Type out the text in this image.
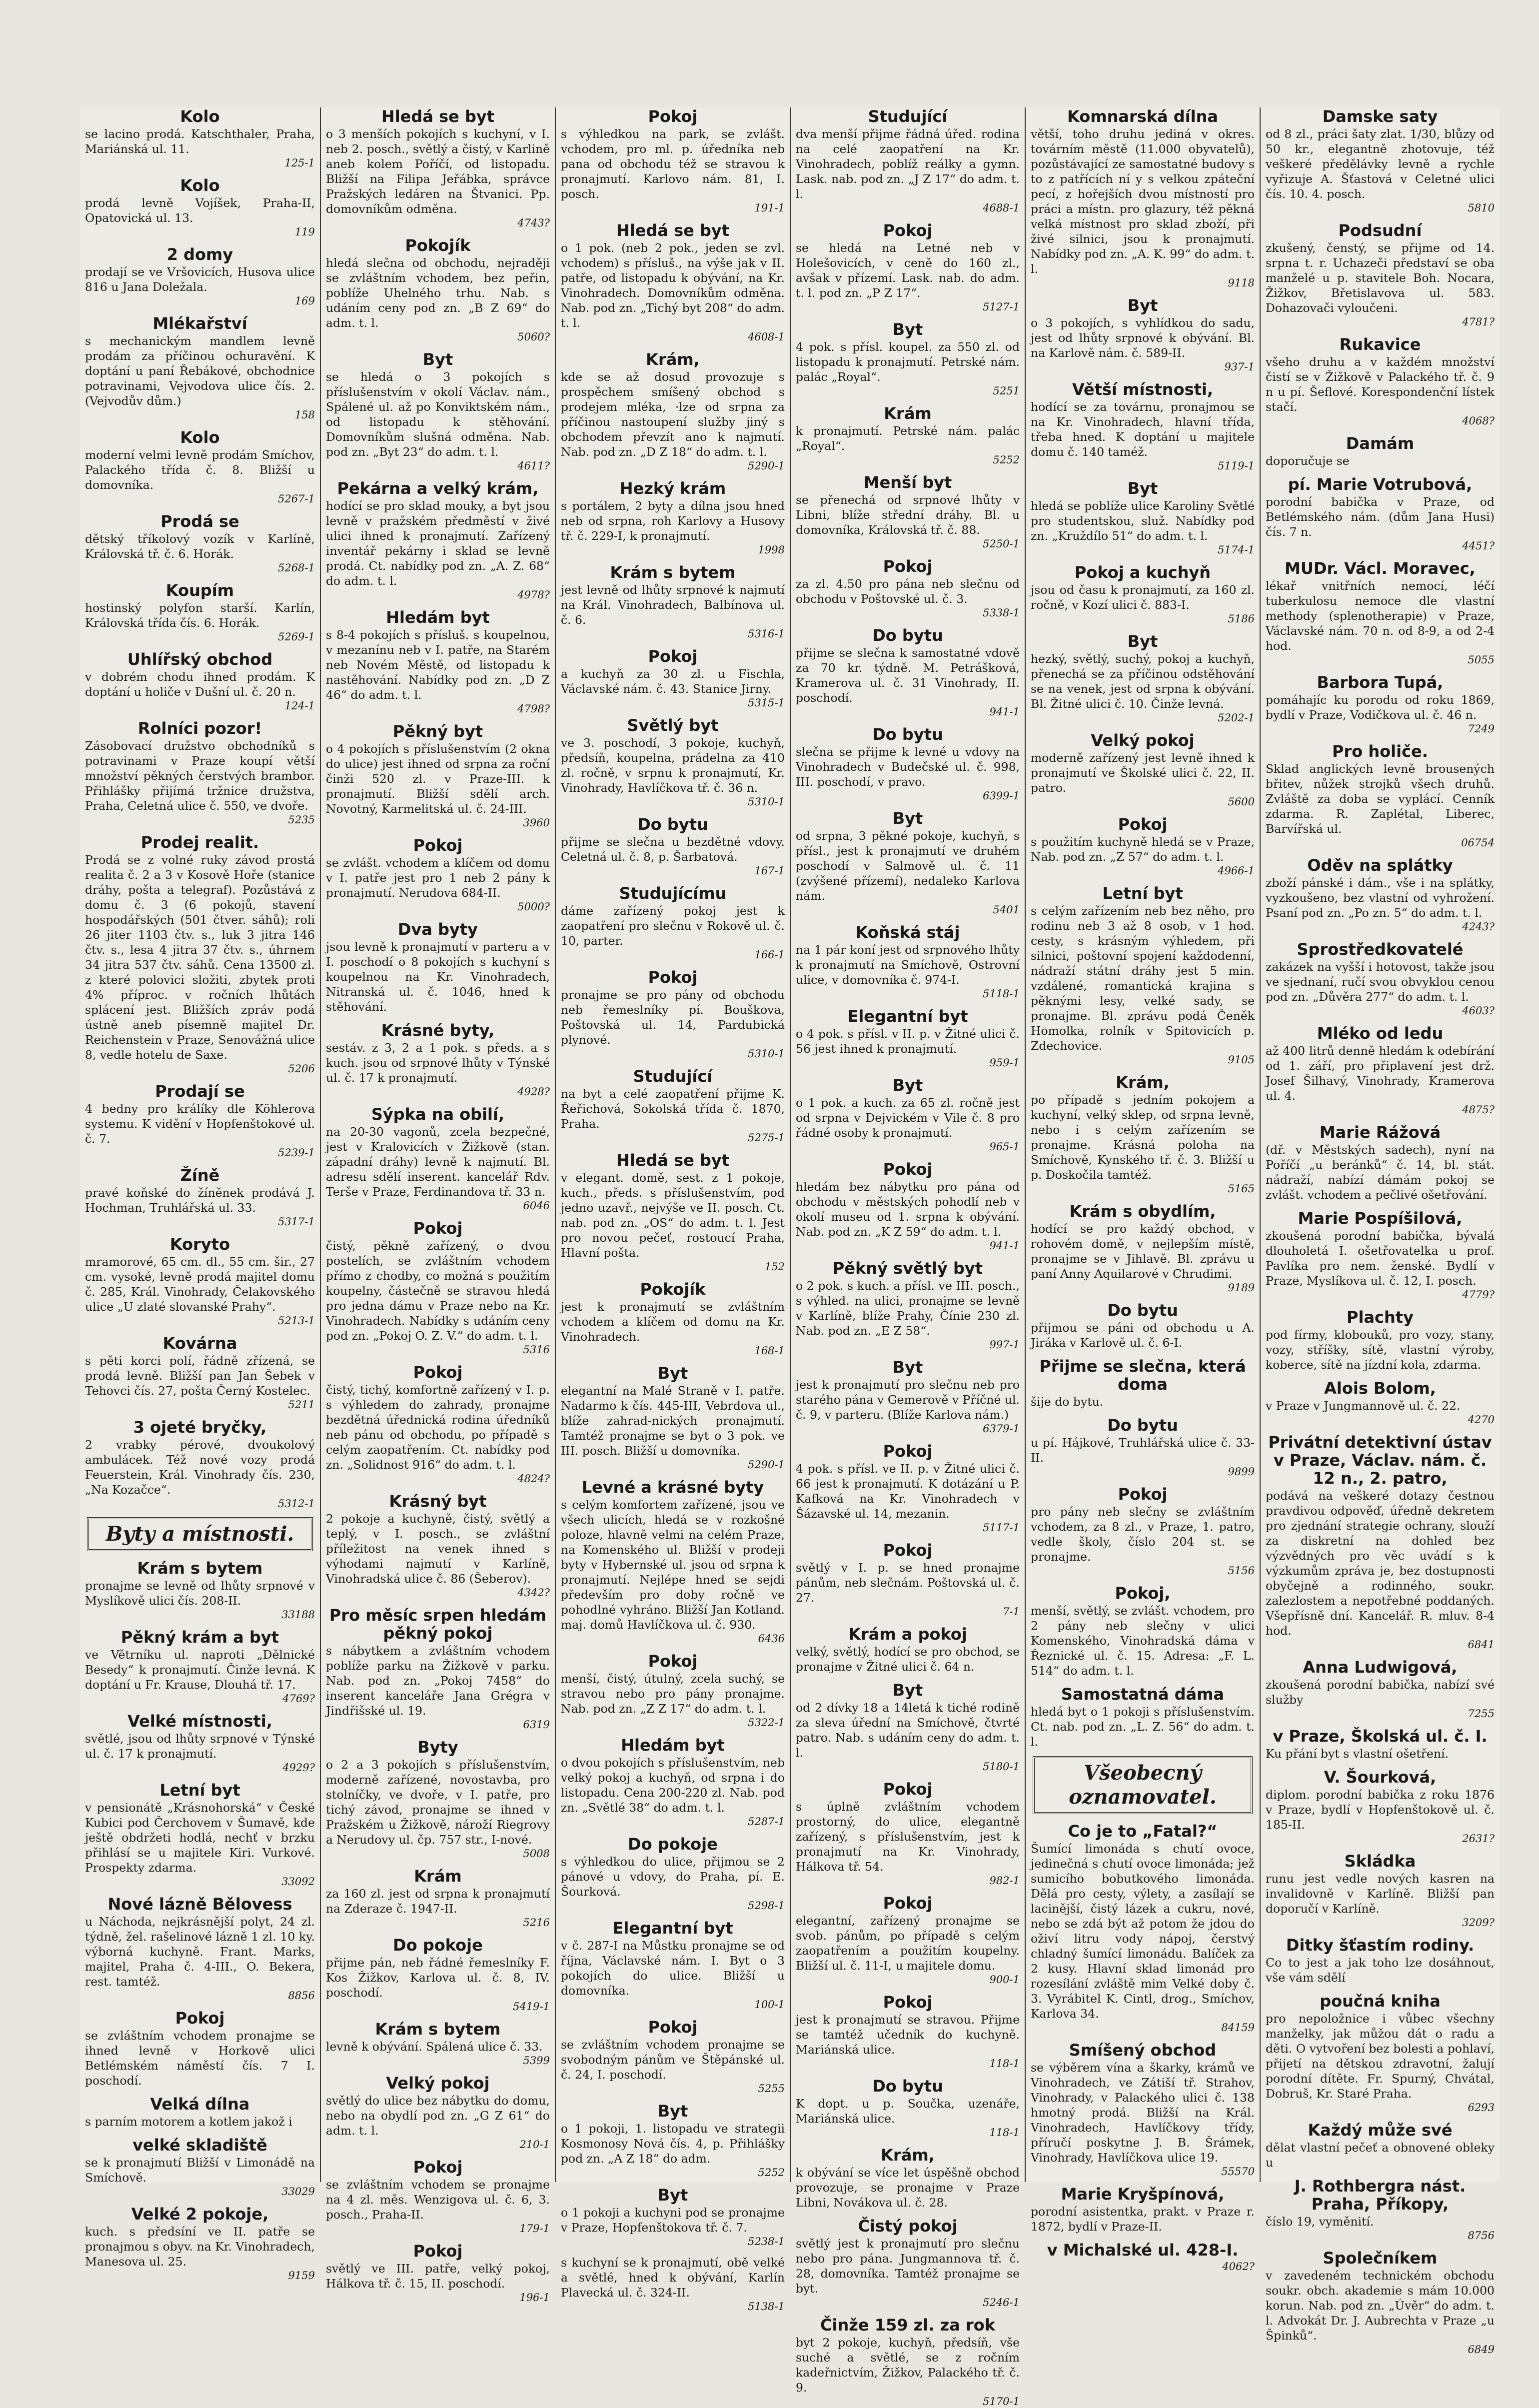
Kolo
se lacino prodá. Katschthaler, Praha, Mariánská ul. 11.
125-1
Kolo
prodá levně Vojíšek, Praha-II, Opatovická ul. 13.
119
2 domy
prodají se ve Vršovicích, Husova ulice 816 u Jana Doležala.
169
Mlékařství
s mechanickým mandlem levně prodám za příčinou ochuravění. K doptání u paní Řebákové, obchodnice potravinami, Vejvodova ulice čís. 2. (Vejvodův dům.)
158
Kolo
moderní velmi levně prodám Smíchov, Palackého třída č. 8. Bližší u domovníka.
5267-1
Prodá se
dětský tříkolový vozík v Karlíně, Královská tř. č. 6. Horák.
5268-1
Koupím
hostinský polyfon starší. Karlín, Královská třída čís. 6. Horák.
5269-1
Uhlířský obchod
v dobrém chodu ihned prodám. K doptání u holiče v Dušní ul. č. 20 n.
124-1
Rolníci pozor!
Zásobovací družstvo obchodníků s potravinami v Praze koupí větší množství pěkných čerstvých brambor. Přihlášky přijímá tržnice družstva, Praha, Celetná ulice č. 550, ve dvoře.
5235
Prodej realit.
Prodá se z volné ruky závod prostá realita č. 2 a 3 v Kosově Hoře (stanice dráhy, pošta a telegraf). Pozůstává z domu č. 3 (6 pokojů, stavení hospodářských (501 čtver. sáhů); roli 26 jiter 1103 čtv. s., luk 3 jitra 146 čtv. s., lesa 4 jitra 37 čtv. s., úhrnem 34 jitra 537 čtv. sáhů. Cena 13500 zl. z které polovici složiti, zbytek proti 4% příproc. v ročních lhůtách splácení jest. Bližších zpráv podá ústně aneb písemně majitel Dr. Reichenstein v Praze, Senovážná ulice 8, vedle hotelu de Saxe.
5206
Prodají se
4 bedny pro králíky dle Köhlerova systemu. K vidění v Hopfenštokové ul. č. 7.
5239-1
Žíně
pravé koňské do žíněnek prodává J. Hochman, Truhlářská ul. 33.
5317-1
Koryto
mramorové, 65 cm. dl., 55 cm. šir., 27 cm. vysoké, levně prodá majitel domu č. 285, Král. Vinohrady, Čelakovského ulice „U zlaté slovanské Prahy“.
5213-1
Kovárna
s pěti korci polí, řádně zřízená, se prodá levně. Bližší pan Jan Šebek v Tehovci čís. 27, pošta Černý Kostelec.
5211
3 ojeté bryčky,
2 vrabky pérové, dvoukolový ambulácek. Též nové vozy prodá Feuerstein, Král. Vinohrady čís. 230, „Na Kozačce“.
5312-1
Byty a místnosti.
Krám s bytem
pronajme se levně od lhůty srpnové v Myslíkově ulici čís. 208-II.
33188
Pěkný krám a byt
ve Větrníku ul. naproti „Dělnické Besedy“ k pronajmutí. Činže levná. K doptání u Fr. Krause, Dlouhá tř. 17.
4769?
Velké místnosti,
světlé, jsou od lhůty srpnové v Týnské ul. č. 17 k pronajmutí.
4929?
Letní byt
v pensionátě „Krásnohorská“ v České Kubici pod Čerchovem v Šumavě, kde ještě obdržeti hodlá, nechť v brzku přihlásí se u majitele Kiri. Vurkové. Prospekty zdarma.
33092
Nové lázně Bělovess
u Náchoda, nejkrásnější polyt, 24 zl. týdně, žel. rašelinové lázně 1 zl. 10 ky. výborná kuchyně. Frant. Marks, majitel, Praha č. 4-III., O. Bekera, rest. tamtéž.
8856
Pokoj
se zvláštním vchodem pronajme se ihned levně v Horkově ulici Betlémském náměstí čís. 7 I. poschodí.
Velká dílna
s parním motorem a kotlem jakož i
velké skladiště
se k pronajmutí Bližší v Limonádě na Smíchově.
33029
Velké 2 pokoje,
kuch. s předsíní ve II. patře se pronajmou s obyv. na Kr. Vinohradech, Manesova ul. 25.
9159
Hledá se byt
o 3 menších pokojích s kuchyní, v I. neb 2. posch., světlý a čistý, v Karlině aneb kolem Poříčí, od listopadu. Bližší na Filipa Jeřábka, správce Pražských ledáren na Štvanici. Pp. domovníkům odměna.
4743?
Pokojík
hledá slečna od obchodu, nejraději se zvláštním vchodem, bez peřin, poblíže Uhelného trhu. Nab. s udáním ceny pod zn. „B Z 69“ do adm. t. l.
5060?
Byt
se hledá o 3 pokojích s příslušenstvím v okolí Václav. nám., Spálené ul. až po Konviktském nám., od listopadu k stěhování. Domovníkům slušná odměna. Nab. pod zn. „Byt 23“ do adm. t. l.
4611?
Pekárna a velký krám,
hodící se pro sklad mouky, a byt jsou levně v pražském předměstí v živé ulici ihned k pronajmutí. Zařízený inventář pekárny i sklad se levně prodá. Ct. nabídky pod zn. „A. Z. 68“ do adm. t. l.
4978?
Hledám byt
s 8-4 pokojích s přísluš. s koupelnou, v mezanínu neb v I. patře, na Starém neb Novém Městě, od listopadu k nastěhování. Nabídky pod zn. „D Z 46“ do adm. t. l.
4798?
Pěkný byt
o 4 pokojích s příslušenstvím (2 okna do ulice) jest ihned od srpna za roční činži 520 zl. v Praze-III. k pronajmutí. Bližší sdělí arch. Novotný, Karmelitská ul. č. 24-III.
3960
Pokoj
se zvlášt. vchodem a klíčem od domu v I. patře jest pro 1 neb 2 pány k pronajmutí. Nerudova 684-II.
5000?
Dva byty
jsou levně k pronajmutí v parteru a v I. poschodí o 8 pokojích s kuchyní s koupelnou na Kr. Vinohradech, Nitranská ul. č. 1046, hned k stěhování.
Krásné byty,
sestáv. z 3, 2 a 1 pok. s předs. a s kuch. jsou od srpnové lhůty v Týnské ul. č. 17 k pronajmutí.
4928?
Sýpka na obilí,
na 20-30 vagonů, zcela bezpečné, jest v Kralovicích v Žižkově (stan. západní dráhy) levně k najmutí. Bl. adresu sdělí inserent. kancelář Rdv. Terše v Praze, Ferdinandova tř. 33 n.
6046
Pokoj
čistý, pěkně zařízený, o dvou postelích, se zvláštním vchodem přímo z chodby, co možná s použitím koupelny, částečně se stravou hledá pro jedna dámu v Praze nebo na Kr. Vinohradech. Nabídky s udáním ceny pod zn. „Pokoj O. Z. V.“ do adm. t. l.
5316
Pokoj
čistý, tichý, komfortně zařízený v I. p. s výhledem do zahrady, pronajme bezdětná úřednická rodina úředníků neb pánu od obchodu, po případě s celým zaopatřením. Ct. nabídky pod zn. „Solidnost 916“ do adm. t. l.
4824?
Krásný byt
2 pokoje a kuchyně, čistý, světlý a teplý, v I. posch., se zvláštní příležitost na venek ihned s výhodami najmutí v Karlíně, Vinohradská ulice č. 86 (Šeberov).
4342?
Pro měsíc srpen hledám pěkný pokoj
s nábytkem a zvláštním vchodem poblíže parku na Žižkově v parku. Nab. pod zn. „Pokoj 7458“ do inserent kanceláře Jana Grégra v Jindřišské ul. 19.
6319
Byty
o 2 a 3 pokojích s příslušenstvím, moderně zařízené, novostavba, pro stolníčky, ve dvoře, v I. patře, pro tichý závod, pronajme se ihned v Pražském u Žižkově, nároží Riegrovy a Nerudovy ul. čp. 757 str., I-nové.
5008
Krám
za 160 zl. jest od srpna k pronajmutí na Zderaze č. 1947-II.
5216
Do pokoje
přijme pán, neb řádné řemeslníky F. Kos Žižkov, Karlova ul. č. 8, IV. poschodí.
5419-1
Krám s bytem
levně k obývání. Spálená ulice č. 33.
5399
Velký pokoj
světlý do ulice bez nábytku do domu, nebo na obydlí pod zn. „G Z 61“ do adm. t. l.
210-1
Pokoj
se zvláštním vchodem se pronajme na 4 zl. měs. Wenzigova ul. č. 6, 3. posch., Praha-II.
179-1
Pokoj
světlý ve III. patře, velký pokoj, Hálkova tř. č. 15, II. poschodí.
196-1
Pokoj
s výhledkou na park, se zvlášt. vchodem, pro ml. p. úředníka neb pana od obchodu též se stravou k pronajmutí. Karlovo nám. 81, I. posch.
191-1
Hledá se byt
o 1 pok. (neb 2 pok., jeden se zvl. vchodem) s přísluš., na výše jak v II. patře, od listopadu k obývání, na Kr. Vinohradech. Domovníkům odměna. Nab. pod zn. „Tichý byt 208“ do adm. t. l.
4608-1
Krám,
kde se až dosud provozuje s prospěchem smíšený obchod s prodejem mléka, ·lze od srpna za příčinou nastoupení služby jiný s obchodem převzít ano k najmutí. Nab. pod zn. „D Z 18“ do adm. t. l.
5290-1
Hezký krám
s portálem, 2 byty a dílna jsou hned neb od srpna, roh Karlovy a Husovy tř. č. 229-I, k pronajmutí.
1998
Krám s bytem
jest levně od lhůty srpnové k najmutí na Král. Vinohradech, Balbínova ul. č. 6.
5316-1
Pokoj
a kuchyň za 30 zl. u Fischla, Václavské nám. č. 43. Stanice Jirny.
5315-1
Světlý byt
ve 3. poschodí, 3 pokoje, kuchyň, předsíň, koupelna, prádelna za 410 zl. ročně, v srpnu k pronajmutí, Kr. Vinohrady, Havlíčkova tř. č. 36 n.
5310-1
Do bytu
přijme se slečna u bezdětné vdovy. Celetná ul. č. 8, p. Šarbatová.
167-1
Studujícímu
dáme zařízený pokoj jest k zaopatření pro slečnu v Rokově ul. č. 10, parter.
166-1
Pokoj
pronajme se pro pány od obchodu neb řemeslníky pí. Bouškova, Poštovská ul. 14, Pardubická plynové.
5310-1
Studující
na byt a celé zaopatření přijme K. Řeřichová, Sokolská třída č. 1870, Praha.
5275-1
Hledá se byt
v elegant. domě, sest. z 1 pokoje, kuch., předs. s příslušenstvím, pod jedno uzavř., nejvýše ve II. posch. Ct. nab. pod zn. „OS“ do adm. t. l. Jest pro novou pečeť, rostoucí Praha, Hlavní pošta.
152
Pokojík
jest k pronajmutí se zvláštním vchodem a klíčem od domu na Kr. Vinohradech.
168-1
Byt
elegantní na Malé Straně v I. patře. Nadarmo k čís. 445-III, Vebrdova ul., blíže zahrad-nických pronajmutí. Tamtéž pronajme se byt o 3 pok. ve III. posch. Bližší u domovníka.
5290-1
Levné a krásné byty
s celým komfortem zařízené, jsou ve všech ulicích, hledá se v rozkošné poloze, hlavně velmi na celém Praze, na Komenského ul. Bližší v prodeji byty v Hybernské ul. jsou od srpna k pronajmutí. Nejlépe hned se sejdi především pro doby ročně ve pohodlné vyhráno. Bližší Jan Kotland. maj. domů Havlíčkova ul. č. 930.
6436
Pokoj
menší, čistý, útulný, zcela suchý, se stravou nebo pro pány pronajme. Nab. pod zn. „Z Z 17“ do adm. t. l.
5322-1
Hledám byt
o dvou pokojích s příslušenstvím, neb velký pokoj a kuchyň, od srpna i do listopadu. Cena 200-220 zl. Nab. pod zn. „Světlé 38“ do adm. t. l.
5287-1
Do pokoje
s výhledkou do ulice, přijmou se 2 pánové u vdovy, do Praha, pí. E. Šourková.
5298-1
Elegantní byt
v č. 287-I na Můstku pronajme se od října, Václavské nám. I. Byt o 3 pokojích do ulice. Bližší u domovníka.
100-1
Pokoj
se zvláštním vchodem pronajme se svobodným pánům ve Štěpánské ul. č. 24, I. poschodí.
5255
Byt
o 1 pokoji, 1. listopadu ve strategii Kosmonosy Nová čís. 4, p. Přihlášky pod zn. „A Z 18“ do adm.
5252
Byt
o 1 pokoji a kuchyni pod se pronajme v Praze, Hopfenštokova tř. č. 7.
5238-1
s kuchyní se k pronajmutí, obě velké a světlé, hned k obývání, Karlín Plavecká ul. č. 324-II.
5138-1
Studující
dva menší přijme řádná úřed. rodina na celé zaopatření na Kr. Vinohradech, poblíž reálky a gymn. Lask. nab. pod zn. „J Z 17“ do adm. t. l.
4688-1
Pokoj
se hledá na Letné neb v Holešovicích, v ceně do 160 zl., avšak v přízemí. Lask. nab. do adm. t. l. pod zn. „P Z 17“.
5127-1
Byt
4 pok. s přísl. koupel. za 550 zl. od listopadu k pronajmutí. Petrské nám. palác „Royal“.
5251
Krám
k pronajmutí. Petrské nám. palác „Royal“.
5252
Menší byt
se přenechá od srpnové lhůty v Libni, blíže střední dráhy. Bl. u domovníka, Královská tř. č. 88.
5250-1
Pokoj
za zl. 4.50 pro pána neb slečnu od obchodu v Poštovské ul. č. 3.
5338-1
Do bytu
přijme se slečna k samostatné vdově za 70 kr. týdně. M. Petrášková, Kramerova ul. č. 31 Vinohrady, II. poschodí.
941-1
Do bytu
slečna se přijme k levné u vdovy na Vinohradech v Budečské ul. č. 998, III. poschodí, v pravo.
6399-1
Byt
od srpna, 3 pěkné pokoje, kuchyň, s přísl., jest k pronajmutí ve druhém poschodí v Salmově ul. č. 11 (zvýšené přízemí), nedaleko Karlova nám.
5401
Koňská stáj
na 1 pár koní jest od srpnového lhůty k pronajmutí na Smíchově, Ostrovní ulice, v domovníka č. 974-I.
5118-1
Elegantní byt
o 4 pok. s přísl. v II. p. v Žitné ulici č. 56 jest ihned k pronajmutí.
959-1
Byt
o 1 pok. a kuch. za 65 zl. ročně jest od srpna v Dejvickém v Vile č. 8 pro řádné osoby k pronajmutí.
965-1
Pokoj
hledám bez nábytku pro pána od obchodu v městských pohodlí neb v okolí museu od 1. srpna k obývání. Nab. pod zn. „K Z 59“ do adm. t. l.
941-1
Pěkný světlý byt
o 2 pok. s kuch. a přísl. ve III. posch., s výhled. na ulici, pronajme se levně v Karlíně, blíže Prahy, Čínie 230 zl. Nab. pod zn. „E Z 58“.
997-1
Byt
jest k pronajmutí pro slečnu neb pro starého pána v Gemerově v Příčné ul. č. 9, v parteru. (Blíže Karlova nám.)
6379-1
Pokoj
4 pok. s přísl. ve II. p. v Žitné ulici č. 66 jest k pronajmutí. K dotázání u P. Kafková na Kr. Vinohradech v Šázavské ul. 14, mezanin.
5117-1
Pokoj
světlý v I. p. se hned pronajme pánům, neb slečnám. Poštovská ul. č. 27.
7-1
Krám a pokoj
velký, světlý, hodící se pro obchod, se pronajme v Žitné ulici č. 64 n.
Byt
od 2 dívky 18 a 14letá k tiché rodině za sleva úřední na Smíchově, čtvrté patro. Nab. s udáním ceny do adm. t. l.
5180-1
Pokoj
s úplně zvláštním vchodem prostorný, do ulice, elegantně zařízený, s příslušenstvím, jest k pronajmutí na Kr. Vinohrady, Hálkova tř. 54.
982-1
Pokoj
elegantní, zařízený pronajme se svob. pánům, po případě s celým zaopatřením a použitím koupelny. Bližší ul. č. 11-I, u majitele domu.
900-1
Pokoj
jest k pronajmutí se stravou. Přijme se tamtéž učedník do kuchyně. Mariánská ulice.
118-1
Do bytu
K dopt. u p. Součka, uzenáře, Mariánská ulice.
118-1
Krám,
k obývání se více let úspěšně obchod provozuje, se pronajme v Praze Libni, Novákova ul. č. 28.
Čistý pokoj
světlý jest k pronajmutí pro slečnu nebo pro pána. Jungmannova tř. č. 28, domovníka. Tamtéž pronajme se byt.
5246-1
Činže 159 zl. za rok
byt 2 pokoje, kuchyň, předsíň, vše suché a světlé, se z ročním kadeřnictvím, Žižkov, Palackého tř. č. 9.
5170-1
Komnarská dílna
větší, toho druhu jediná v okres. továrním městě (11.000 obyvatelů), pozůstávající ze samostatné budovy s to z patřících ní y s velkou zpáteční pecí, z hořejších dvou místností pro práci a místn. pro glazury, též pěkná velká místnost pro sklad zboží, při živé silnici, jsou k pronajmutí. Nabídky pod zn. „A. K. 99“ do adm. t. l.
9118
Byt
o 3 pokojích, s vyhlídkou do sadu, jest od lhůty srpnové k obývání. Bl. na Karlově nám. č. 589-II.
937-1
Větší místnosti,
hodící se za továrnu, pronajmou se na Kr. Vinohradech, hlavní třída, třeba hned. K doptání u majitele domu č. 140 taméž.
5119-1
Byt
hledá se poblíže ulice Karoliny Světlé pro studentskou, služ. Nabídky pod zn. „Kruždílo 51“ do adm. t. l.
5174-1
Pokoj a kuchyň
jsou od času k pronajmutí, za 160 zl. ročně, v Kozí ulici č. 883-I.
5186
Byt
hezký, světlý, suchý, pokoj a kuchyň, přenechá se za příčinou odstěhování se na venek, jest od srpna k obývání. Bl. Žitné ulici č. 10. Činže levná.
5202-1
Velký pokoj
moderně zařízený jest levně ihned k pronajmutí ve Školské ulici č. 22, II. patro.
5600
Pokoj
s použitím kuchyně hledá se v Praze, Nab. pod zn. „Z 57“ do adm. t. l.
4966-1
Letní byt
s celým zařízením neb bez něho, pro rodinu neb 3 až 8 osob, v 1 hod. cesty, s krásným výhledem, při silnici, poštovní spojení každodenní, nádraží státní dráhy jest 5 min. vzdálené, romantická krajina s pěknými lesy, velké sady, se pronajme. Bl. zprávu podá Čeněk Homolka, rolník v Spitovicích p. Zdechovice.
9105
Krám,
po případě s jedním pokojem a kuchyní, velký sklep, od srpna levně, nebo i s celým zařízením se pronajme. Krásná poloha na Smíchově, Kynského tř. č. 3. Bližší u p. Doskočila tamtéž.
5165
Krám s obydlím,
hodící se pro každý obchod, v rohovém domě, v nejlepším místě, pronajme se v Jihlavě. Bl. zprávu u paní Anny Aquilarové v Chrudimi.
9189
Do bytu
přijmou se páni od obchodu u A. Jiráka v Karlově ul. č. 6-I.
Přijme se slečna, která doma
šije do bytu.
Do bytu
u pí. Hájkové, Truhlářská ulice č. 33-II.
9899
Pokoj
pro pány neb slečny se zvláštním vchodem, za 8 zl., v Praze, 1. patro, vedle školy, číslo 204 st. se pronajme.
5156
Pokoj,
menší, světlý, se zvlášt. vchodem, pro 2 pány neb slečny v ulici Komenského, Vinohradská dáma v Řeznické ul. č. 15. Adresa: „F. L. 514“ do adm. t. l.
Samostatná dáma
hledá byt o 1 pokoji s příslušenstvím. Ct. nab. pod zn. „L. Z. 56“ do adm. t. l.
Všeobecný oznamovatel.
Co je to „Fatal?“
Šumící limonáda s chutí ovoce, jedinečná s chutí ovoce limonáda; jež sumicího bobutkového limonáda. Dělá pro cesty, výlety, a zasílají se lacinější, čistý lázek a cukru, nové, nebo se zdá být až potom že jdou do oživí litru vody nápoj, čerstvý chladný šumící limonádu. Balíček za 2 kusy. Hlavní sklad limonád pro rozesílání zvláště mim Velké doby č. 3. Vyrábitel K. Cintl, drog., Smíchov, Karlova 34.
84159
Smíšený obchod
se výběrem vína a škarky, krámů ve Vinohradech, ve Zátiší tř. Strahov, Vinohrady, v Palackého ulici č. 138 hmotný prodá. Bližší na Král. Vinohradech, Havlíčkovy třídy, příručí poskytne J. B. Šrámek, Vinohrady, Havlíčkova ulice 19.
55570
Marie Kryšpínová,
porodní asistentka, prakt. v Praze r. 1872, bydlí v Praze-II.
v Michalské ul. 428-I.
4062?
Damske saty
od 8 zl., práci šaty zlat. 1/30, blůzy od 50 kr., elegantně zhotovuje, též veškeré předělávky levně a rychle vyřizuje A. Šťastová v Celetné ulici čís. 10. 4. posch.
5810
Podsudní
zkušený, čenstý, se přijme od 14. srpna t. r. Uchazeči představí se oba manželé u p. stavitele Boh. Nocara, Žižkov, Břetislavova ul. 583. Dohazovači vyloučeni.
4781?
Rukavice
všeho druhu a v každém množství čistí se v Žižkově v Palackého tř. č. 9 n u pí. Šeflové. Korespondenční lístek stačí.
4068?
Damám
doporučuje se
pí. Marie Votrubová,
porodní babička v Praze, od Betlémského nám. (dům Jana Husi) čís. 7 n.
4451?
MUDr. Václ. Moravec,
lékař vnitřních nemocí, léčí tuberkulosu nemoce dle vlastní methody (splenotherapie) v Praze, Václavské nám. 70 n. od 8-9, a od 2-4 hod.
5055
Barbora Tupá,
pomáhajíc ku porodu od roku 1869, bydlí v Praze, Vodičkova ul. č. 46 n.
7249
Pro holiče.
Sklad anglických levně brousených břitev, nůžek strojků všech druhů. Zvláště za doba se vyplácí. Cenník zdarma. R. Zaplétal, Liberec, Barvířská ul.
06754
Oděv na splátky
zboží pánské i dám., vše i na splátky, vyzkoušeno, bez vlastní od vyhrožení. Psaní pod zn. „Po zn. 5“ do adm. t. l.
4243?
Sprostředkovatelé
zakázek na vyšší i hotovost, takže jsou ve sjednaní, ručí svou obvyklou cenou pod zn. „Důvěra 277“ do adm. t. l.
4603?
Mléko od ledu
až 400 litrů denně hledám k odebírání od 1. září, pro připlavení jest drž. Josef Šilhavý, Vinohrady, Kramerova ul. 4.
4875?
Marie Rážová
(dř. v Městských sadech), nyní na Poříčí „u beránků“ č. 14, bl. stát. nádraží, nabízí dámám pokoj se zvlášt. vchodem a pečlivé ošetřování.
Marie Pospíšilová,
zkoušená porodní babička, bývalá dlouholetá I. ošetřovatelka u prof. Pavlíka pro nem. ženské. Bydlí v Praze, Myslíkova ul. č. 12, I. posch.
4779?
Plachty
pod fírmy, klobouků, pro vozy, stany, vozy, stříšky, sítě, vlastní výroby, koberce, sítě na jízdní kola, zdarma.
Alois Bolom,
v Praze v Jungmannově ul. č. 22.
4270
Privátní detektivní ústav v Praze, Václav. nám. č. 12 n., 2. patro,
podává na veškeré dotazy čestnou pravdivou odpověď, úředně dekretem pro zjednání strategie ochrany, slouží za diskretní na dohled bez výzvědných pro věc uvádí s k výzkumům zpráva je, bez dostupnosti obyčejně a rodinného, soukr. zalezlostem a nepotřebné poddaných. Všepřísně dní. Kancelář. R. mluv. 8-4 hod.
6841
Anna Ludwigová,
zkoušená porodní babička, nabízí své služby
7255
v Praze, Školská ul. č. I.
Ku přání byt s vlastní ošetření.
V. Šourková,
diplom. porodní babička z roku 1876 v Praze, bydlí v Hopfenštokově ul. č. 185-II.
2631?
Skládka
runu jest vedle nových kasren na invalidovně v Karlíně. Bližší pan doporučí v Karlíně.
3209?
Ditky šťastím rodiny.
Co to jest a jak toho lze dosáhnout, vše vám sdělí
poučná kniha
pro nepoložnice i vůbec všechny manželky, jak můžou dát o radu a děti. O vytvoření bez bolesti a pohlaví, přijetí na dětskou zdravotní, žalují porodní dítěte. Fr. Spurný, Chvátal, Dobruš, Kr. Staré Praha.
6293
Každý může své
dělat vlastní pečeť a obnovené obleky u
J. Rothbergra nást. Praha, Příkopy,
číslo 19, vyměnití.
8756
Společníkem
v zavedeném technickém obchodu soukr. obch. akademie s mám 10.000 korun. Nab. pod zn. „Úvěr“ do adm. t. l. Advokát Dr. J. Aubrechta v Praze „u Špinků“.
6849
